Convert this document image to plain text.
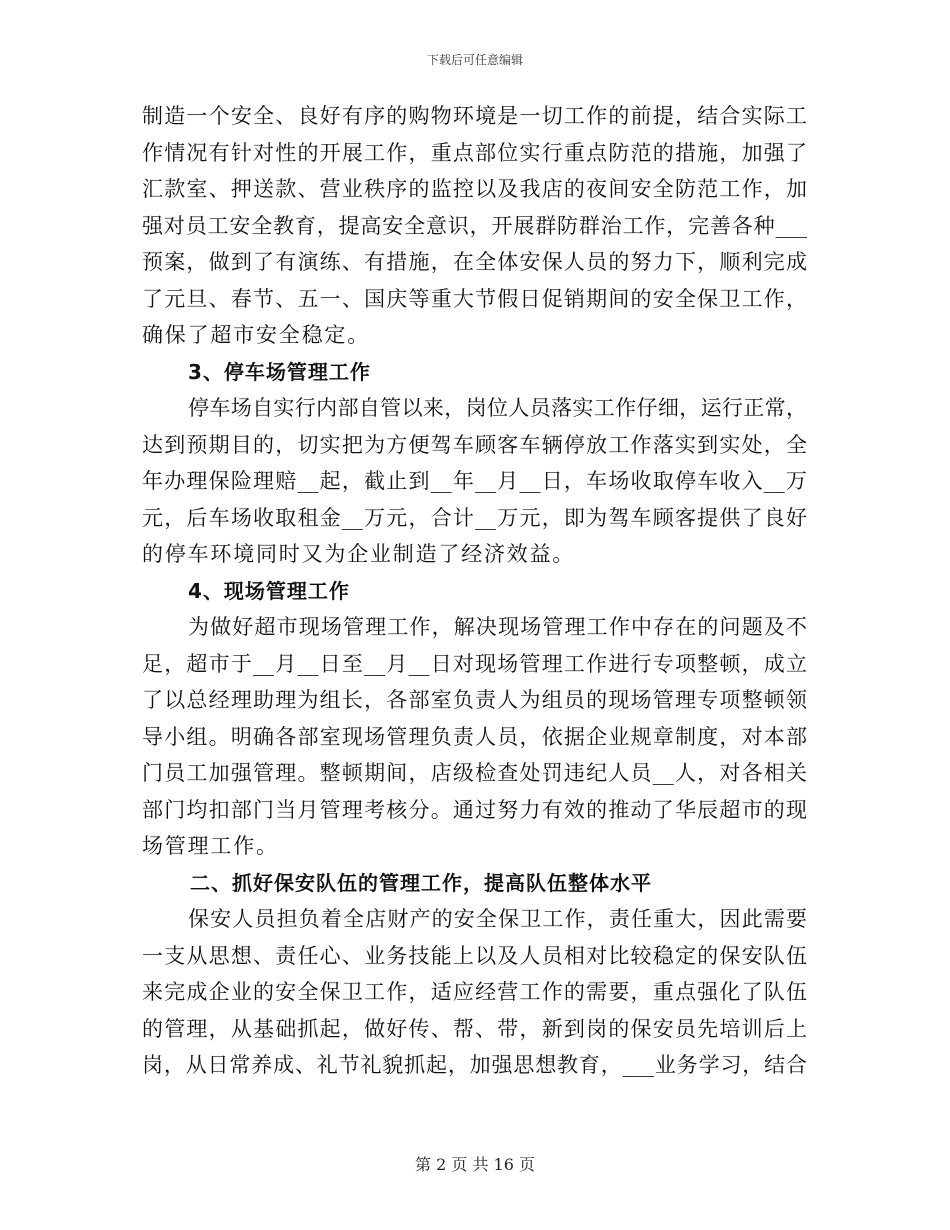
下载后可任意编辑
制造一个安全、良好有序的购物环境是一切工作的前提，结合实际工
作情况有针对性的开展工作，重点部位实行重点防范的措施，加强了
汇款室、押送款、营业秩序的监控以及我店的夜间安全防范工作，加
强对员工安全教育，提高安全意识，开展群防群治工作，完善各种___
预案，做到了有演练、有措施，在全体安保人员的努力下，顺利完成
了元旦、春节、五一、国庆等重大节假日促销期间的安全保卫工作，
确保了超市安全稳定。
3、停车场管理工作
停车场自实行内部自管以来，岗位人员落实工作仔细，运行正常，
达到预期目的，切实把为方便驾车顾客车辆停放工作落实到实处，全
年办理保险理赔__起，截止到__年__月__日，车场收取停车收入__万
元，后车场收取租金__万元，合计__万元，即为驾车顾客提供了良好
的停车环境同时又为企业制造了经济效益。
4、现场管理工作
为做好超市现场管理工作，解决现场管理工作中存在的问题及不
足，超市于__月__日至__月__日对现场管理工作进行专项整顿，成立
了以总经理助理为组长，各部室负责人为组员的现场管理专项整顿领
导小组。明确各部室现场管理负责人员，依据企业规章制度，对本部
门员工加强管理。整顿期间，店级检查处罚违纪人员__人，对各相关
部门均扣部门当月管理考核分。通过努力有效的推动了华辰超市的现
场管理工作。
二、抓好保安队伍的管理工作，提高队伍整体水平
保安人员担负着全店财产的安全保卫工作，责任重大，因此需要
一支从思想、责任心、业务技能上以及人员相对比较稳定的保安队伍
来完成企业的安全保卫工作，适应经营工作的需要，重点强化了队伍
的管理，从基础抓起，做好传、帮、带，新到岗的保安员先培训后上
岗，从日常养成、礼节礼貌抓起，加强思想教育，___业务学习，结合
第 2 页 共 16 页
